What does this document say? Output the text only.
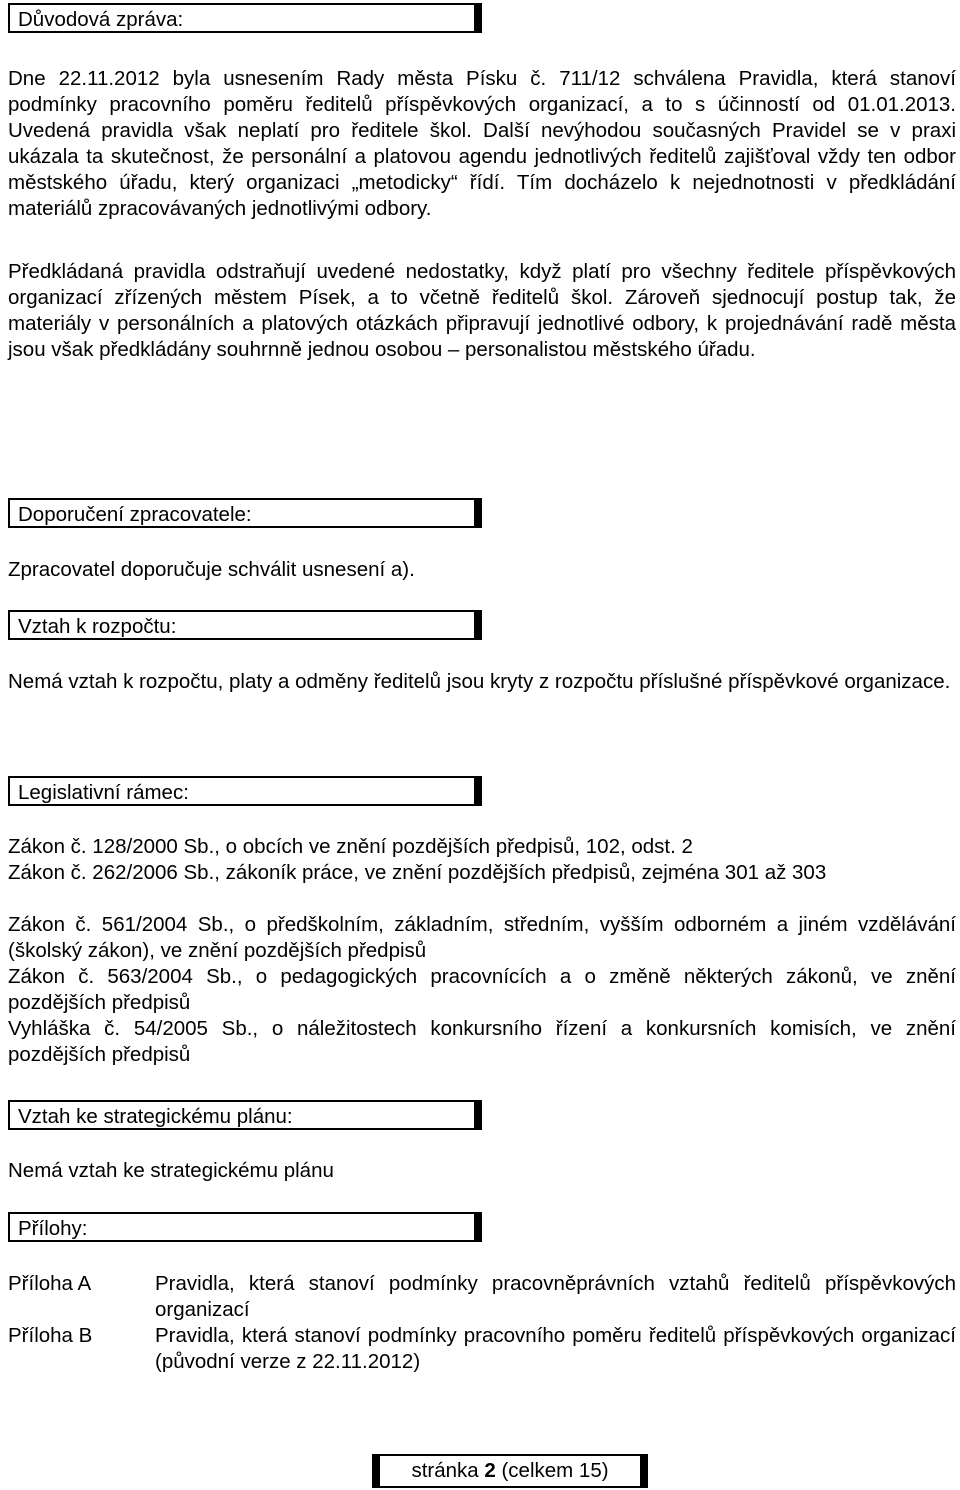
Důvodová zpráva:
Dne 22.11.2012 byla usnesením Rady města Písku č. 711/12 schválena Pravidla, která stanoví podmínky pracovního poměru ředitelů příspěvkových organizací, a to s účinností od 01.01.2013. Uvedená pravidla však neplatí pro ředitele škol. Další nevýhodou současných Pravidel se v praxi ukázala ta skutečnost, že personální a platovou agendu jednotlivých ředitelů zajišťoval vždy ten odbor městského úřadu, který organizaci „metodicky“ řídí. Tím docházelo k nejednotnosti v předkládání materiálů zpracovávaných jednotlivými odbory.
Předkládaná pravidla odstraňují uvedené nedostatky, když platí pro všechny ředitele příspěvkových organizací zřízených městem Písek, a to včetně ředitelů škol. Zároveň sjednocují postup tak, že materiály v personálních a platových otázkách připravují jednotlivé odbory, k projednávání radě města jsou však předkládány souhrnně jednou osobou – personalistou městského úřadu.
Doporučení zpracovatele:
Zpracovatel doporučuje schválit usnesení a).
Vztah k rozpočtu:
Nemá vztah k rozpočtu, platy a odměny ředitelů jsou kryty z rozpočtu příslušné příspěvkové organizace.
Legislativní rámec:
Zákon č. 128/2000 Sb., o obcích ve znění pozdějších předpisů, 102, odst. 2
Zákon č. 262/2006 Sb., zákoník práce, ve znění pozdějších předpisů, zejména 301 až 303
Zákon č. 561/2004 Sb., o předškolním, základním, středním, vyšším odborném a jiném vzdělávání (školský zákon), ve znění pozdějších předpisů
Zákon č. 563/2004 Sb., o pedagogických pracovnících a o změně některých zákonů, ve znění pozdějších předpisů
Vyhláška č. 54/2005 Sb., o náležitostech konkursního řízení a konkursních komisích, ve znění pozdějších předpisů
Vztah ke strategickému plánu:
Nemá vztah ke strategickému plánu
Přílohy:
Příloha A	Pravidla, která stanoví podmínky pracovněprávních vztahů ředitelů příspěvkových organizací
Příloha B	Pravidla, která stanoví podmínky pracovního poměru ředitelů příspěvkových organizací (původní verze z 22.11.2012)
stránka 2 (celkem 15)
